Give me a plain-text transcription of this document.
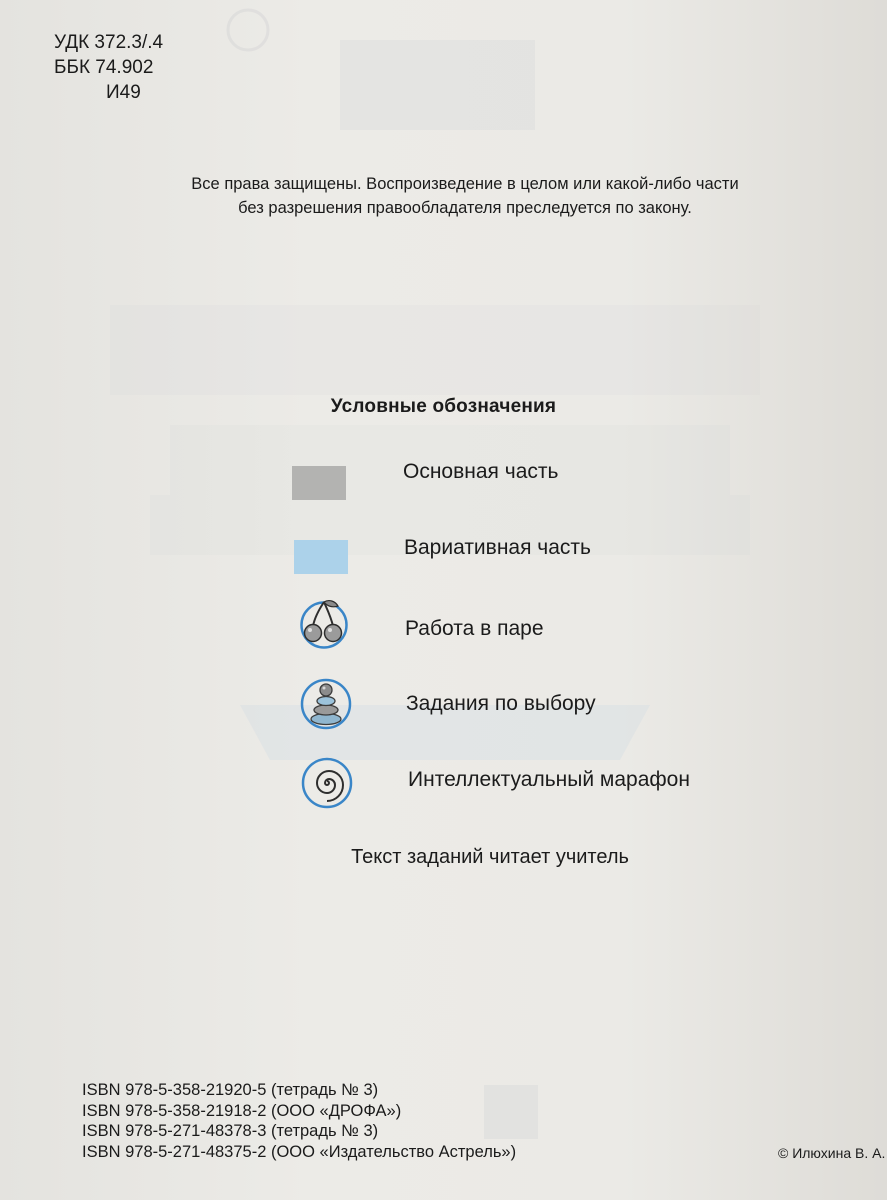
УДК 372.3/.4
ББК 74.902
И49
Все права защищены. Воспроизведение в целом или какой-либо части
без разрешения правообладателя преследуется по закону.
Условные обозначения
Основная часть
Вариативная часть
Работа в паре
Задания по выбору
Интеллектуальный марафон
Текст заданий читает учитель
ISBN 978-5-358-21920-5 (тетрадь № 3)
ISBN 978-5-358-21918-2 (ООО «ДРОФА»)
ISBN 978-5-271-48378-3 (тетрадь № 3)
ISBN 978-5-271-48375-2 (ООО «Издательство Астрель»)	© Илюхина В. А.
